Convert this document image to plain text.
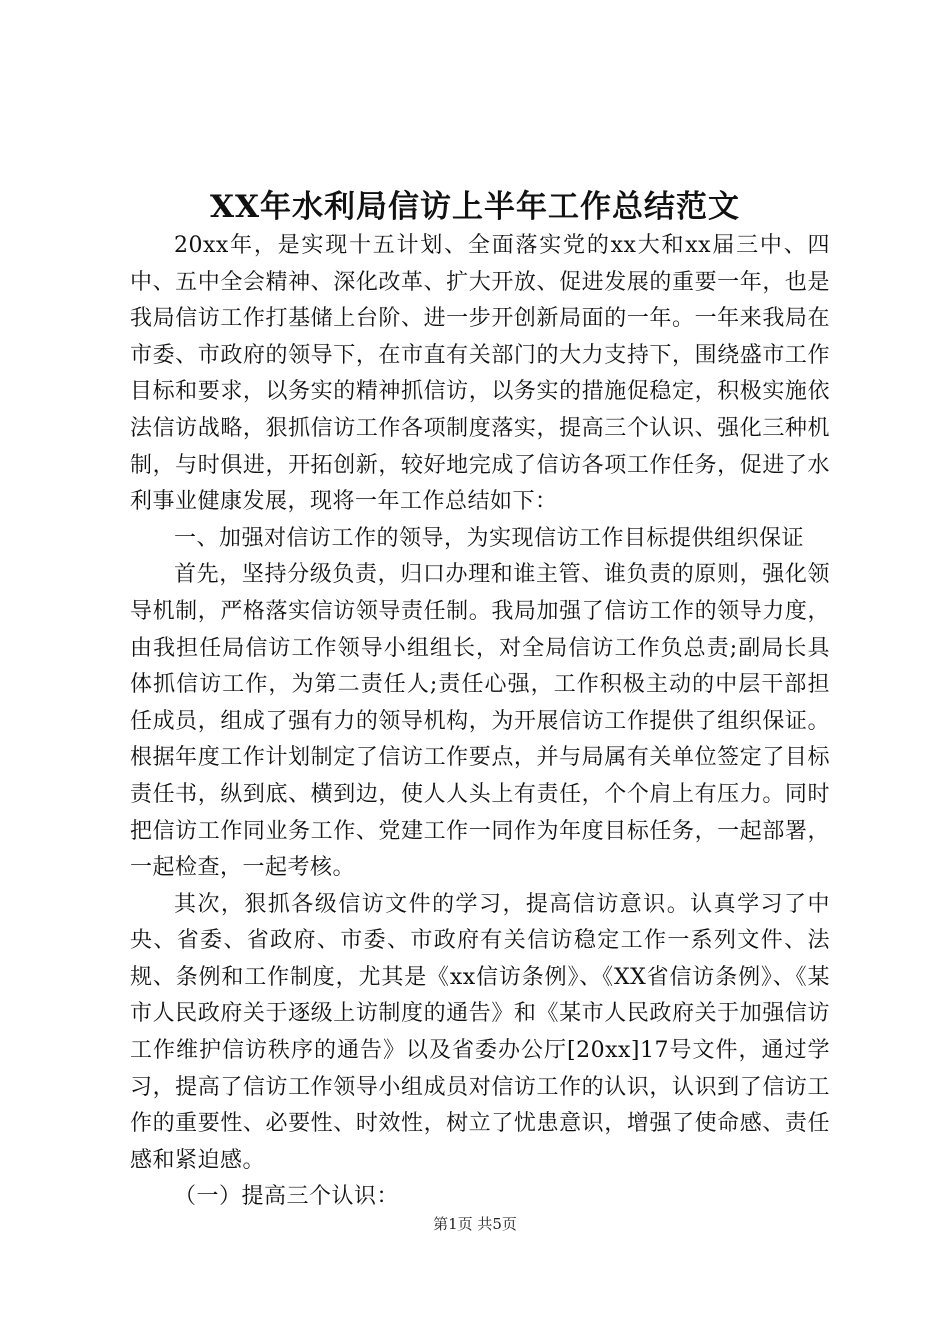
XX年水利局信访上半年工作总结范文

20xx年，是实现十五计划、全面落实党的xx大和xx届三中、四中、五中全会精神、深化改革、扩大开放、促进发展的重要一年，也是我局信访工作打基储上台阶、进一步开创新局面的一年。一年来我局在市委、市政府的领导下，在市直有关部门的大力支持下，围绕盛市工作目标和要求，以务实的精神抓信访，以务实的措施促稳定，积极实施依法信访战略，狠抓信访工作各项制度落实，提高三个认识、强化三种机制，与时俱进，开拓创新，较好地完成了信访各项工作任务，促进了水利事业健康发展，现将一年工作总结如下：

一、加强对信访工作的领导，为实现信访工作目标提供组织保证

首先，坚持分级负责，归口办理和谁主管、谁负责的原则，强化领导机制，严格落实信访领导责任制。我局加强了信访工作的领导力度，由我担任局信访工作领导小组组长，对全局信访工作负总责;副局长具体抓信访工作，为第二责任人;责任心强，工作积极主动的中层干部担任成员，组成了强有力的领导机构，为开展信访工作提供了组织保证。根据年度工作计划制定了信访工作要点，并与局属有关单位签定了目标责任书，纵到底、横到边，使人人头上有责任，个个肩上有压力。同时把信访工作同业务工作、党建工作一同作为年度目标任务，一起部署，一起检查，一起考核。

其次，狠抓各级信访文件的学习，提高信访意识。认真学习了中央、省委、省政府、市委、市政府有关信访稳定工作一系列文件、法规、条例和工作制度，尤其是《xx信访条例》、《XX省信访条例》、《某市人民政府关于逐级上访制度的通告》和《某市人民政府关于加强信访工作维护信访秩序的通告》以及省委办公厅[20xx]17号文件，通过学习，提高了信访工作领导小组成员对信访工作的认识，认识到了信访工作的重要性、必要性、时效性，树立了忧患意识，增强了使命感、责任感和紧迫感。

（一）提高三个认识：

第1页 共5页
